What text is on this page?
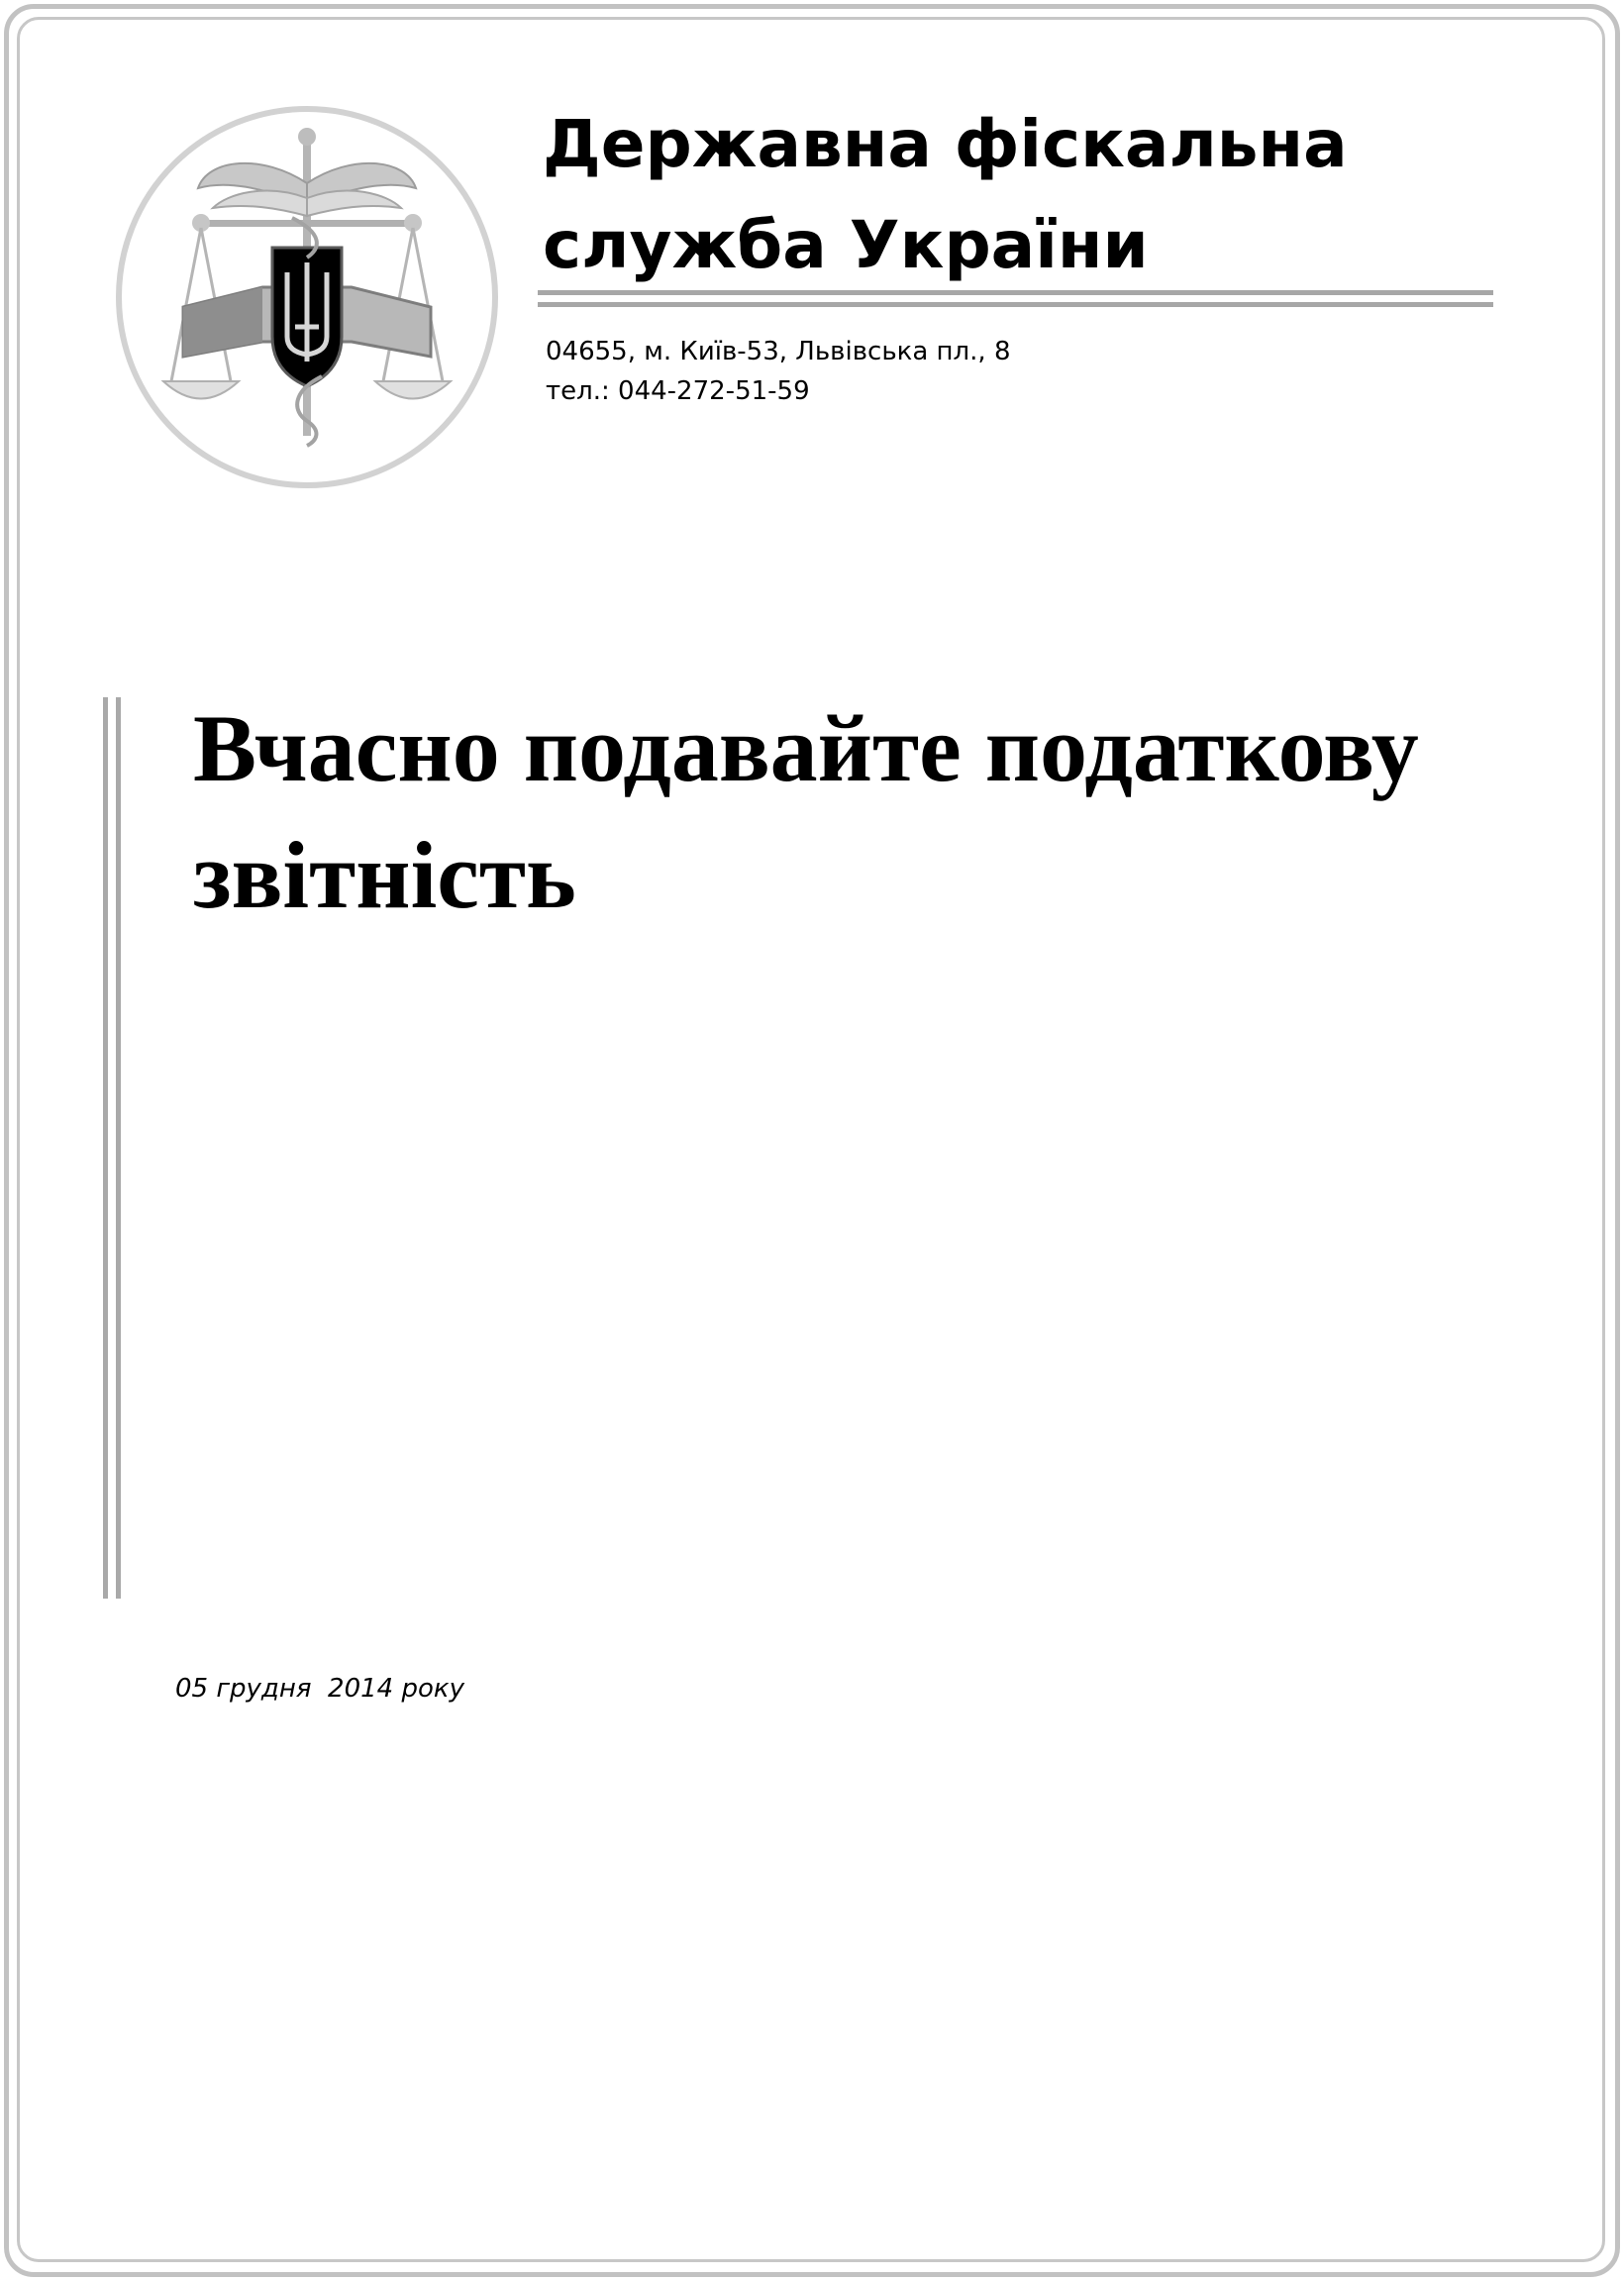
Державна фіскальна
служба України
04655, м. Київ-53, Львівська пл., 8
тел.: 044-272-51-59
Вчасно подавайте податкову
звітність
05 грудня  2014 року
